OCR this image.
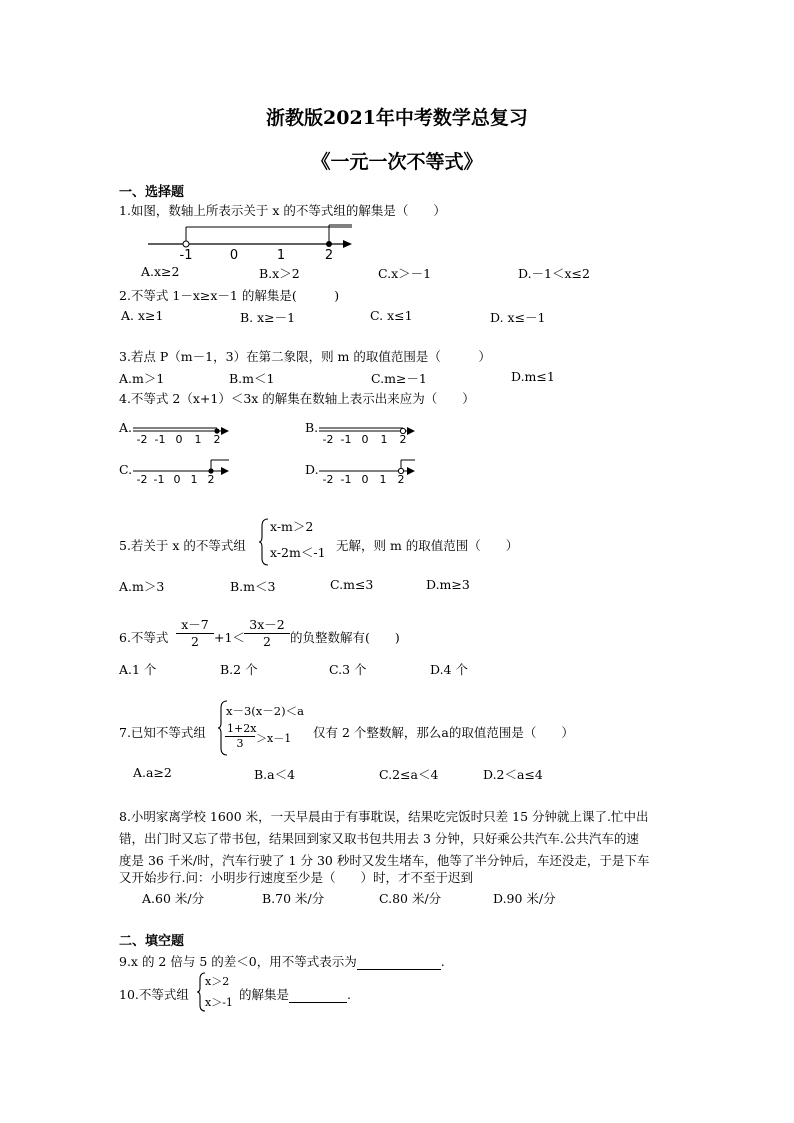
浙教版2021年中考数学总复习
《一元一次不等式》
一、选择题
1.如图，数轴上所表示关于 x 的不等式组的解集是（　　）
-1	0	1	2
A.x≥2	B.x＞2	C.x＞－1	D.－1＜x≤2
2.不等式 1－x≥x－1 的解集是(　　　)
A. x≥1	B. x≥－1	C. x≤1	D. x≤－1
3.若点 P（m－1，3）在第二象限，则 m 的取值范围是（　　　）
A.m＞1	B.m＜1	C.m≥－1	D.m≤1
4.不等式 2（x+1）＜3x 的解集在数轴上表示出来应为（　　）
A.
-2 -1 0 1 2
B.
-2 -1 0 1 2
C.
-2 -1 0 1 2
D.
-2 -1 0 1 2
5.若关于 x 的不等式组
x-m＞2
x-2m＜-1 无解，则 m 的取值范围（　　）
A.m＞3	B.m＜3	C.m≤3	D.m≥3
6.不等式 $\frac{x-7}{2} +1< \frac{3x-2}{2}$ 的负整数解有(　　)
A.1 个	B.2 个	C.3 个	D.4 个
7.已知不等式组
x－3(x－2)＜a
$\frac{1+2x}{3} >x-1$ 仅有 2 个整数解，那么a的取值范围是（　　）
A.a≥2	B.a＜4	C.2≤a＜4	D.2＜a≤4
8.小明家离学校 1600 米，一天早晨由于有事耽误，结果吃完饭时只差 15 分钟就上课了.忙中出
错，出门时又忘了带书包，结果回到家又取书包共用去 3 分钟，只好乘公共汽车.公共汽车的速
度是 36 千米/时，汽车行驶了 1 分 30 秒时又发生堵车，他等了半分钟后，车还没走，于是下车
又开始步行.问：小明步行速度至少是（　　）时，才不至于迟到
A.60 米/分	B.70 米/分	C.80 米/分	D.90 米/分
二、填空题
9.x 的 2 倍与 5 的差＜0，用不等式表示为	.
10.不等式组
x＞2
x＞-1
的解集是	.
